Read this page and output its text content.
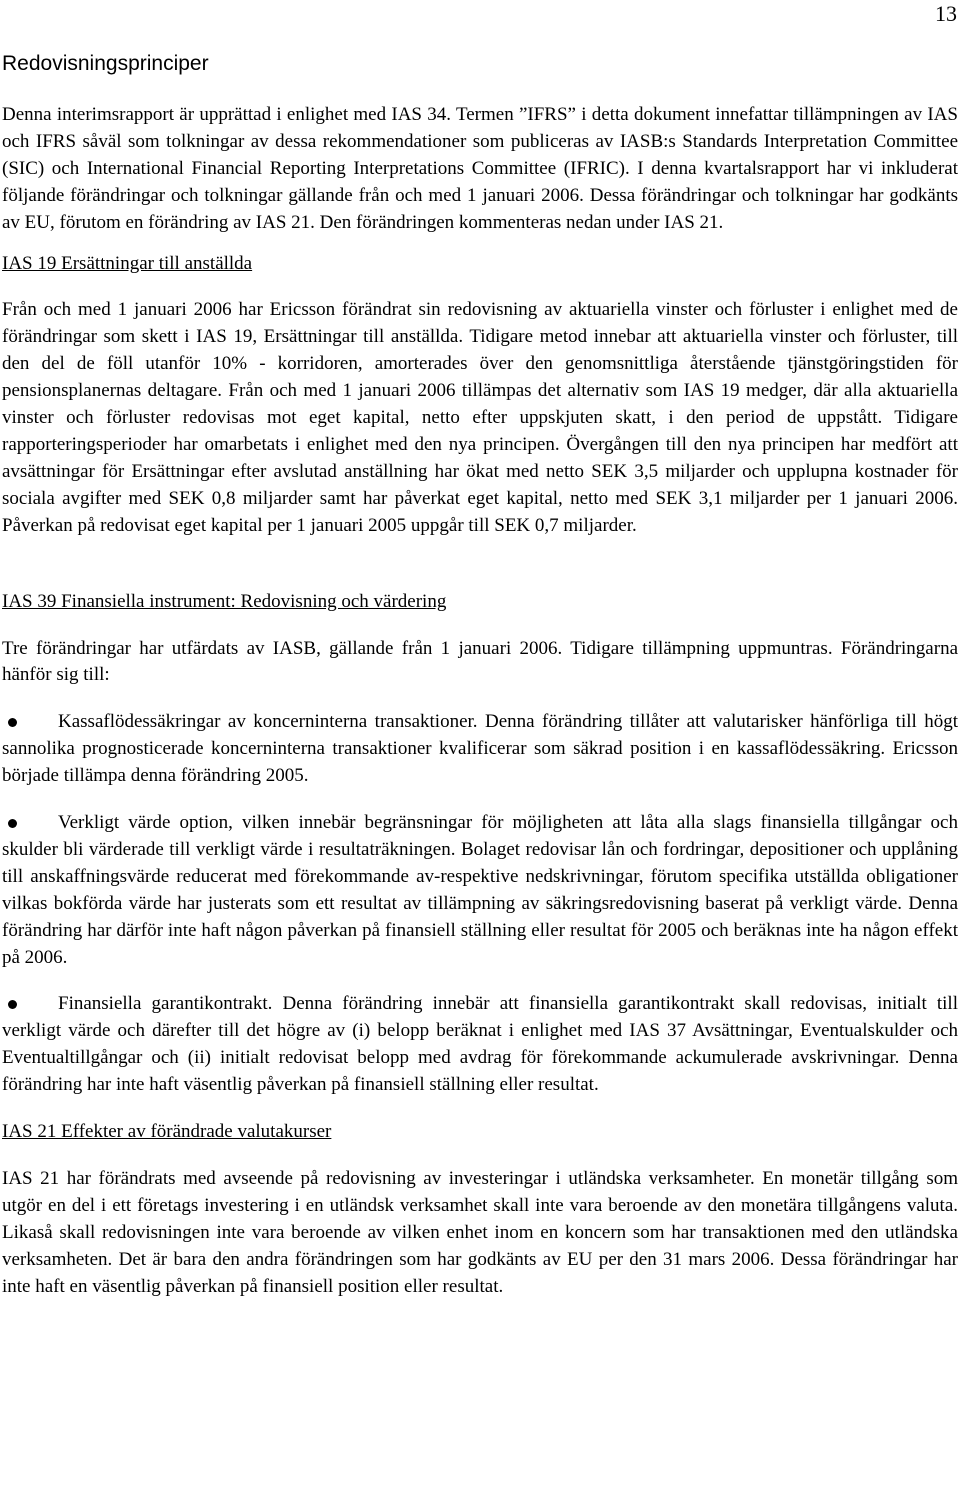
13
Redovisningsprinciper

Denna interimsrapport är upprättad i enlighet med IAS 34. Termen ”IFRS” i detta dokument innefattar tillämpningen av IAS och IFRS såväl som tolkningar av dessa rekommendationer som publiceras av IASB:s Standards Interpretation Committee (SIC) och International Financial Reporting Interpretations Committee (IFRIC). I denna kvartalsrapport har vi inkluderat följande förändringar och tolkningar gällande från och med 1 januari 2006. Dessa förändringar och tolkningar har godkänts av EU, förutom en förändring av IAS 21. Den förändringen kommenteras nedan under IAS 21.

IAS 19 Ersättningar till anställda

Från och med 1 januari 2006 har Ericsson förändrat sin redovisning av aktuariella vinster och förluster i enlighet med de förändringar som skett i IAS 19, Ersättningar till anställda. Tidigare metod innebar att aktuariella vinster och förluster, till den del de föll utanför 10% - korridoren, amorterades över den genomsnittliga återstående tjänstgöringstiden för pensionsplanernas deltagare. Från och med 1 januari 2006 tillämpas det alternativ som IAS 19 medger, där alla aktuariella vinster och förluster redovisas mot eget kapital, netto efter uppskjuten skatt, i den period de uppstått. Tidigare rapporteringsperioder har omarbetats i enlighet med den nya principen. Övergången till den nya principen har medfört att avsättningar för Ersättningar efter avslutad anställning har ökat med netto SEK 3,5 miljarder och upplupna kostnader för sociala avgifter med SEK 0,8 miljarder samt har påverkat eget kapital, netto med SEK 3,1 miljarder per 1 januari 2006. Påverkan på redovisat eget kapital per 1 januari 2005 uppgår till SEK 0,7 miljarder.

IAS 39 Finansiella instrument: Redovisning och värdering

Tre förändringar har utfärdats av IASB, gällande från 1 januari 2006. Tidigare tillämpning uppmuntras. Förändringarna hänför sig till:

Kassaflödessäkringar av koncerninterna transaktioner. Denna förändring tillåter att valutarisker hänförliga till högt sannolika prognosticerade koncerninterna transaktioner kvalificerar som säkrad position i en kassaflödessäkring. Ericsson började tillämpa denna förändring 2005.

Verkligt värde option, vilken innebär begränsningar för möjligheten att låta alla slags finansiella tillgångar och skulder bli värderade till verkligt värde i resultaträkningen. Bolaget redovisar lån och fordringar, depositioner och upplåning till anskaffningsvärde reducerat med förekommande av-respektive nedskrivningar, förutom specifika utställda obligationer vilkas bokförda värde har justerats som ett resultat av tillämpning av säkringsredovisning baserat på verkligt värde. Denna förändring har därför inte haft någon påverkan på finansiell ställning eller resultat för 2005 och beräknas inte ha någon effekt på 2006.

Finansiella garantikontrakt. Denna förändring innebär att finansiella garantikontrakt skall redovisas, initialt till verkligt värde och därefter till det högre av (i) belopp beräknat i enlighet med IAS 37 Avsättningar, Eventualskulder och Eventualtillgångar och (ii) initialt redovisat belopp med avdrag för förekommande ackumulerade avskrivningar. Denna förändring har inte haft väsentlig påverkan på finansiell ställning eller resultat.

IAS 21 Effekter av förändrade valutakurser

IAS 21 har förändrats med avseende på redovisning av investeringar i utländska verksamheter. En monetär tillgång som utgör en del i ett företags investering i en utländsk verksamhet skall inte vara beroende av den monetära tillgångens valuta. Likaså skall redovisningen inte vara beroende av vilken enhet inom en koncern som har transaktionen med den utländska verksamheten. Det är bara den andra förändringen som har godkänts av EU per den 31 mars 2006. Dessa förändringar har inte haft en väsentlig påverkan på finansiell position eller resultat.
